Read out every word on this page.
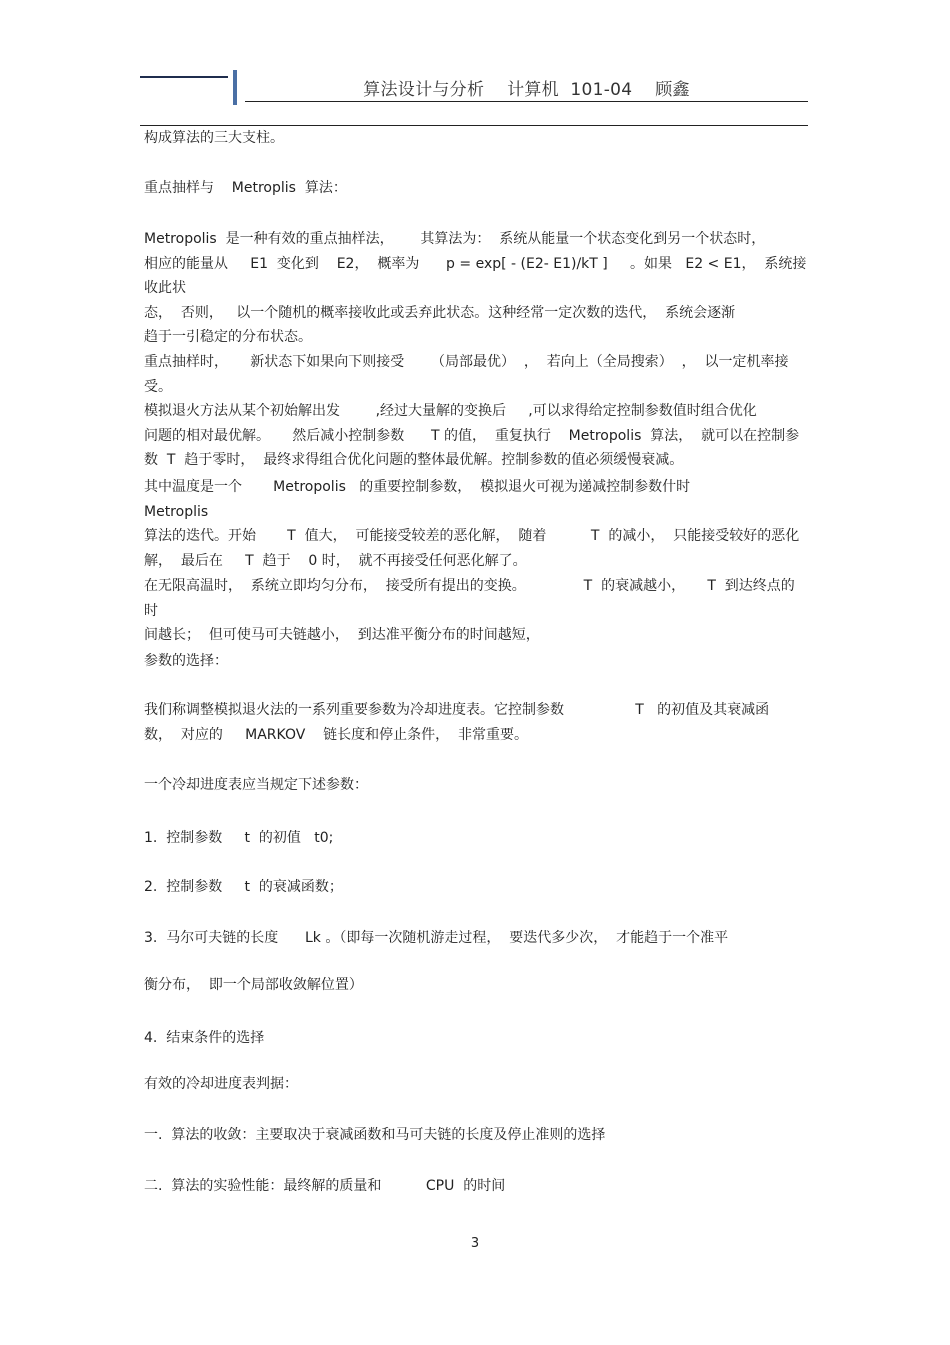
算法设计与分析    计算机  101-04    顾鑫

构成算法的三大支柱。

重点抽样与    Metroplis  算法：

Metropolis  是一种有效的重点抽样法，      其算法为：  系统从能量一个状态变化到另一个状态时，
相应的能量从     E1  变化到    E2，  概率为      p = exp[ - (E2- E1)/kT ]     。如果   E2 < E1，  系统接收此状
态，  否则，   以一个随机的概率接收此或丢弃此状态。这种经常一定次数的迭代，  系统会逐渐
趋于一引稳定的分布状态。

重点抽样时，     新状态下如果向下则接受      （局部最优）  ，  若向上（全局搜索）  ，  以一定机率接受。
模拟退火方法从某个初始解出发        ,经过大量解的变换后     ,可以求得给定控制参数值时组合优化
问题的相对最优解。     然后减小控制参数      T 的值，  重复执行    Metropolis  算法，  就可以在控制参
数  T  趋于零时，  最终求得组合优化问题的整体最优解。控制参数的值必须缓慢衰减。

其中温度是一个       Metropolis   的重要控制参数，  模拟退火可视为递减控制参数什时              Metroplis
算法的迭代。开始       T  值大，  可能接受较差的恶化解，  随着          T  的减小，  只能接受较好的恶化
解，  最后在     T  趋于    0 时，  就不再接受任何恶化解了。

在无限高温时，  系统立即均匀分布，  接受所有提出的变换。             T  的衰减越小，     T  到达终点的时
间越长；  但可使马可夫链越小，  到达准平衡分布的时间越短，

参数的选择：

我们称调整模拟退火法的一系列重要参数为冷却进度表。它控制参数                T   的初值及其衰减函
数，  对应的     MARKOV    链长度和停止条件，  非常重要。

一个冷却进度表应当规定下述参数：

1.  控制参数     t  的初值   t0;

2.  控制参数     t  的衰减函数；

3.  马尔可夫链的长度      Lk 。（即每一次随机游走过程，  要迭代多少次，  才能趋于一个准平

衡分布，  即一个局部收敛解位置）

4.  结束条件的选择

有效的冷却进度表判据：

一.  算法的收敛：主要取决于衰减函数和马可夫链的长度及停止准则的选择

二.  算法的实验性能：最终解的质量和          CPU  的时间

3
